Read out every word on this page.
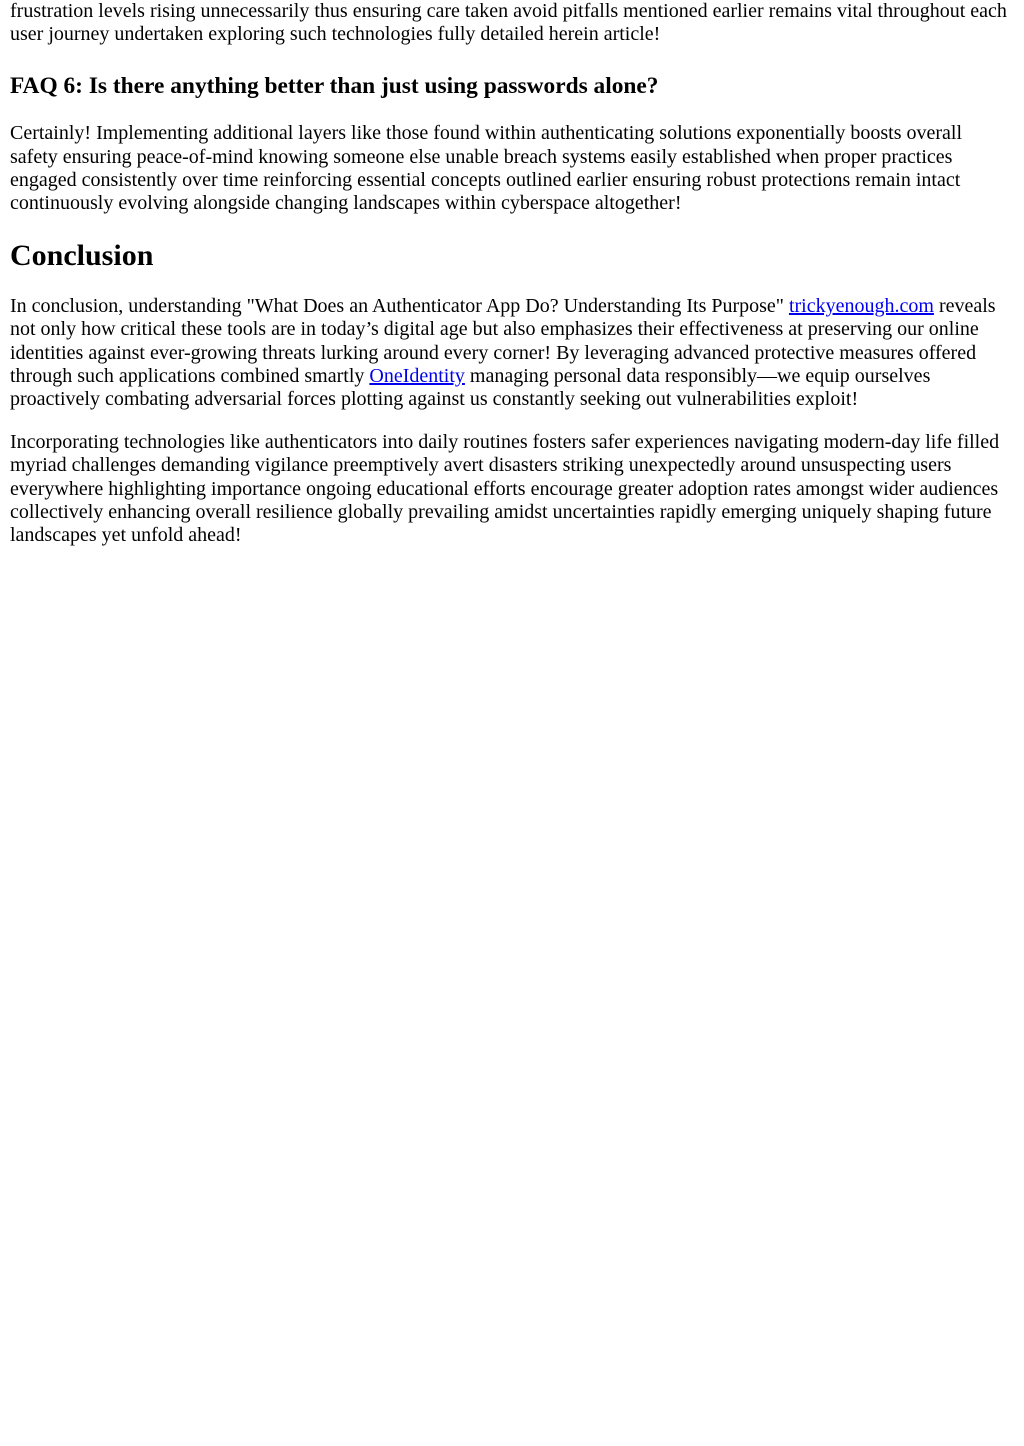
frustration levels rising unnecessarily thus ensuring care taken avoid pitfalls mentioned earlier remains vital throughout each user journey undertaken exploring such technologies fully detailed herein article!

FAQ 6: Is there anything better than just using passwords alone?

Certainly! Implementing additional layers like those found within authenticating solutions exponentially boosts overall safety ensuring peace-of-mind knowing someone else unable breach systems easily established when proper practices engaged consistently over time reinforcing essential concepts outlined earlier ensuring robust protections remain intact continuously evolving alongside changing landscapes within cyberspace altogether!

Conclusion

In conclusion, understanding "What Does an Authenticator App Do? Understanding Its Purpose" trickyenough.com reveals not only how critical these tools are in today’s digital age but also emphasizes their effectiveness at preserving our online identities against ever-growing threats lurking around every corner! By leveraging advanced protective measures offered through such applications combined smartly OneIdentity managing personal data responsibly—we equip ourselves proactively combating adversarial forces plotting against us constantly seeking out vulnerabilities exploit!

Incorporating technologies like authenticators into daily routines fosters safer experiences navigating modern-day life filled myriad challenges demanding vigilance preemptively avert disasters striking unexpectedly around unsuspecting users everywhere highlighting importance ongoing educational efforts encourage greater adoption rates amongst wider audiences collectively enhancing overall resilience globally prevailing amidst uncertainties rapidly emerging uniquely shaping future landscapes yet unfold ahead!
